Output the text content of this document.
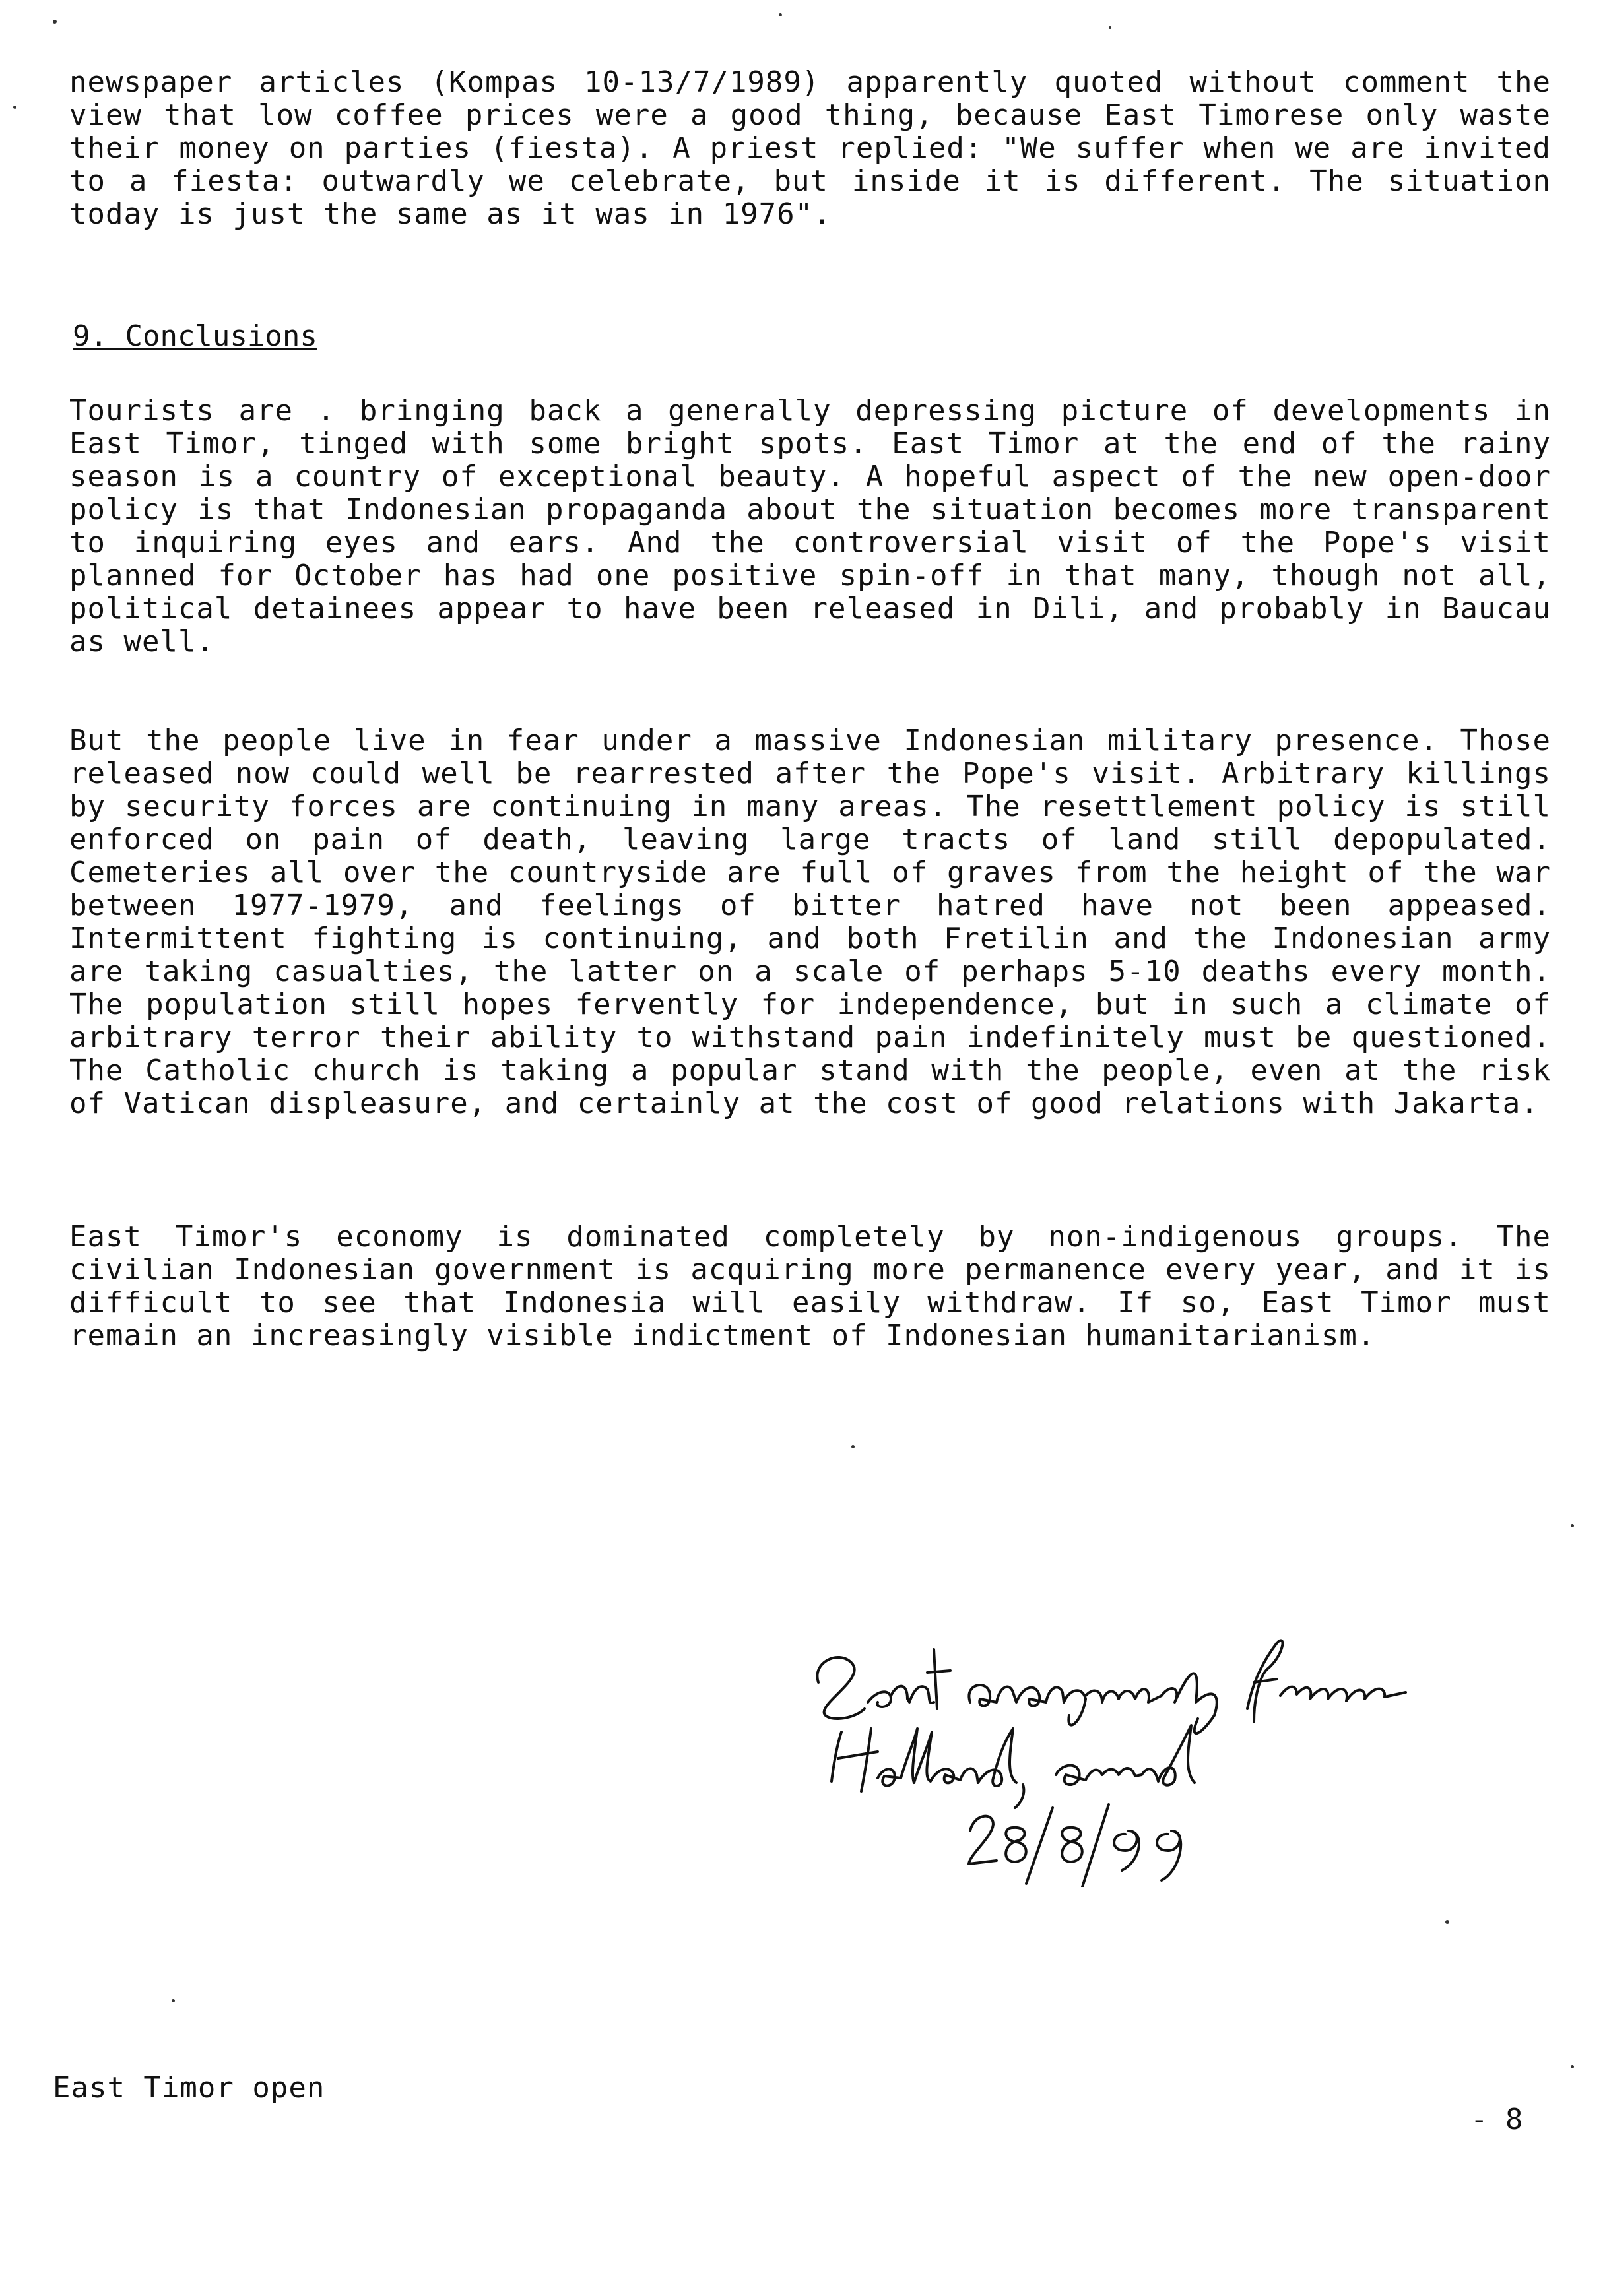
newspaper articles (Kompas 10-13/7/1989) apparently quoted without comment the view that low coffee prices were a good thing, because East Timorese only waste their money on parties (fiesta). A priest replied: "We suffer when we are invited to a fiesta: outwardly we celebrate, but inside it is different. The situation today is just the same as it was in 1976".

9. Conclusions

Tourists are . bringing back a generally depressing picture of developments in East Timor, tinged with some bright spots. East Timor at the end of the rainy season is a country of exceptional beauty. A hopeful aspect of the new open-door policy is that Indonesian propaganda about the situation becomes more transparent to inquiring eyes and ears. And the controversial visit of the Pope's visit planned for October has had one positive spin-off in that many, though not all, political detainees appear to have been released in Dili, and probably in Baucau as well.

But the people live in fear under a massive Indonesian military presence. Those released now could well be rearrested after the Pope's visit. Arbitrary killings by security forces are continuing in many areas. The resettlement policy is still enforced on pain of death, leaving large tracts of land still depopulated. Cemeteries all over the countryside are full of graves from the height of the war between 1977-1979, and feelings of bitter hatred have not been appeased. Intermittent fighting is continuing, and both Fretilin and the Indonesian army are taking casualties, the latter on a scale of perhaps 5-10 deaths every month. The population still hopes fervently for independence, but in such a climate of arbitrary terror their ability to withstand pain indefinitely must be questioned. The Catholic church is taking a popular stand with the people, even at the risk of Vatican displeasure, and certainly at the cost of good relations with Jakarta.

East Timor's economy is dominated completely by non-indigenous groups. The civilian Indonesian government is acquiring more permanence every year, and it is difficult to see that Indonesia will easily withdraw. If so, East Timor must remain an increasingly visible indictment of Indonesian humanitarianism.

East Timor open
- 8
